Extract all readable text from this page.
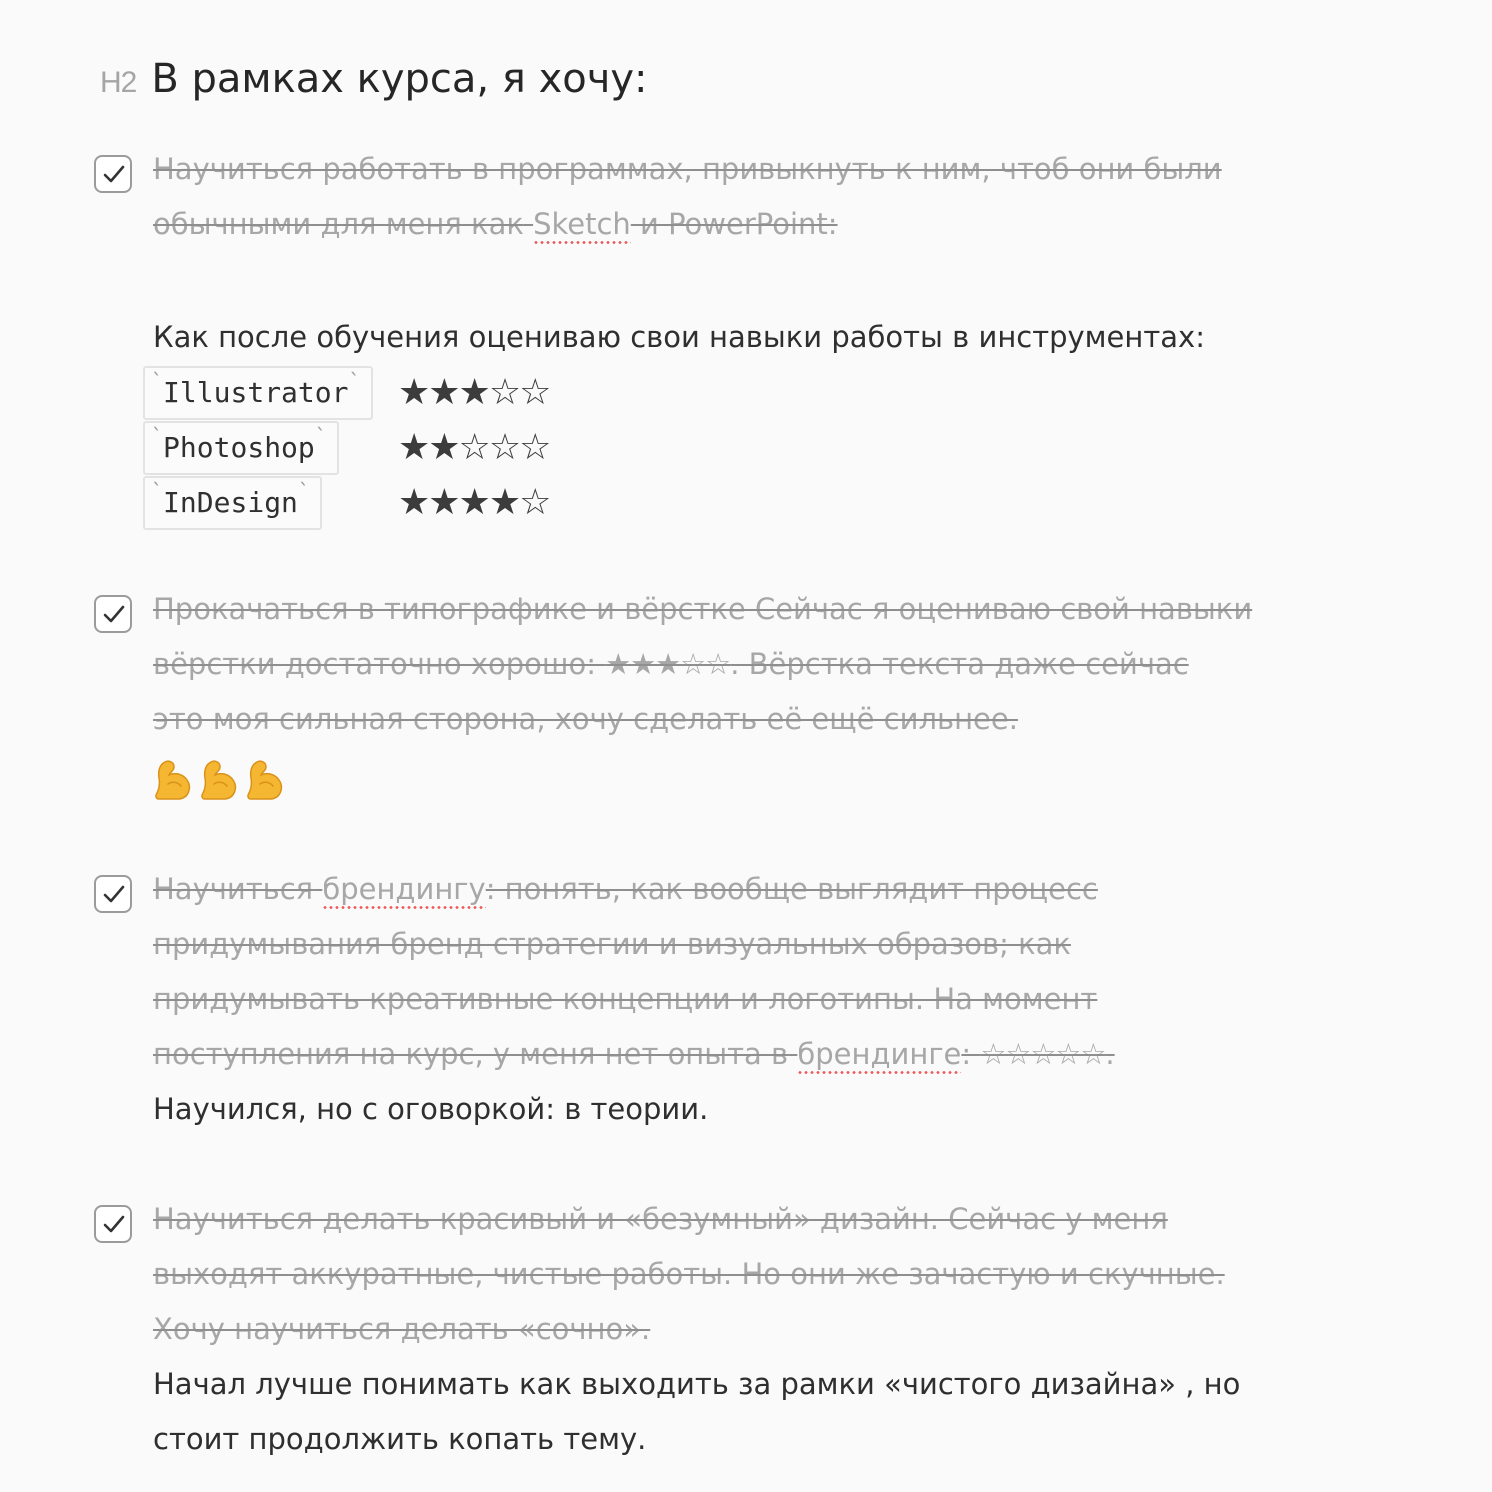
H2 В рамках курса, я хочу:
Научиться работать в программах, привыкнуть к ним, чтоб они были
обычными для меня как Sketch и PowerPoint:
Как после обучения оцениваю свои навыки работы в инструментах:
` Illustrator ` ★★★☆☆
` Photoshop ` ★★☆☆☆
` InDesign ` ★★★★☆
Прокачаться в типографике и вёрстке Сейчас я оцениваю свой навыки
вёрстки достаточно хорошо: ★★★☆☆. Вёрстка текста даже сейчас
это моя сильная сторона, хочу сделать её ещё сильнее.
Научиться брендингу: понять, как вообще выглядит процесс
придумывания бренд стратегии и визуальных образов; как
придумывать креативные концепции и логотипы. На момент
поступления на курс, у меня нет опыта в брендинге: ☆☆☆☆☆.
Научился, но с оговоркой: в теории.
Научиться делать красивый и «безумный» дизайн. Сейчас у меня
выходят аккуратные, чистые работы. Но они же зачастую и скучные.
Хочу научиться делать «сочно».
Начал лучше понимать как выходить за рамки «чистого дизайна» , но
стоит продолжить копать тему.
